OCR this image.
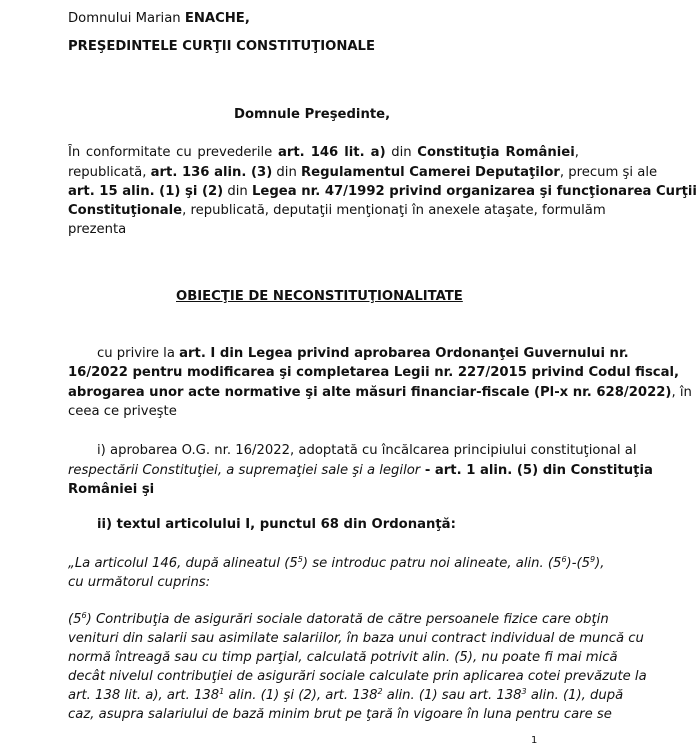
Domnului Marian ENACHE,

PREŞEDINTELE CURŢII CONSTITUŢIONALE

Domnule Preşedinte,

Ȋn conformitate cu prevederile art. 146 lit. a) din Constituţia României,

republicată, art. 136 alin. (3) din Regulamentul Camerei Deputaţilor, precum şi ale

art. 15 alin. (1) şi (2) din Legea nr. 47/1992 privind organizarea şi funcţionarea Curţii

Constituţionale, republicată, deputaţii menţionaţi în anexele ataşate, formulăm

prezenta

OBIECŢIE DE NECONSTITUŢIONALITATE

cu privire la art. I din Legea privind aprobarea Ordonanţei Guvernului nr.

16/2022 pentru modificarea şi completarea Legii nr. 227/2015 privind Codul fiscal,

abrogarea unor acte normative şi alte măsuri financiar-fiscale (Pl-x nr. 628/2022), în

ceea ce priveşte

i) aprobarea O.G. nr. 16/2022, adoptată cu încălcarea principiului constituţional al

respectării Constituţiei, a supremaţiei sale şi a legilor - art. 1 alin. (5) din Constituţia

României şi

ii) textul articolului I, punctul 68 din Ordonanţă:

„La articolul 146, după alineatul $(5^5)$ se introduc patru noi alineate, alin. $(5^6)-(5^9)$,

cu următorul cuprins:

$(5^6)$ Contribuţia de asigurări sociale datorată de către persoanele fizice care obţin

venituri din salarii sau asimilate salariilor, în baza unui contract individual de muncă cu

normă întreagă sau cu timp parţial, calculată potrivit alin. (5), nu poate fi mai mică

decât nivelul contribuţiei de asigurări sociale calculate prin aplicarea cotei prevăzute la

art. 138 lit. a), art. $138^1$ alin. (1) şi (2), art. $138^2$ alin. (1) sau art. $138^3$ alin. (1), după

caz, asupra salariului de bază minim brut pe ţară în vigoare în luna pentru care se

1
